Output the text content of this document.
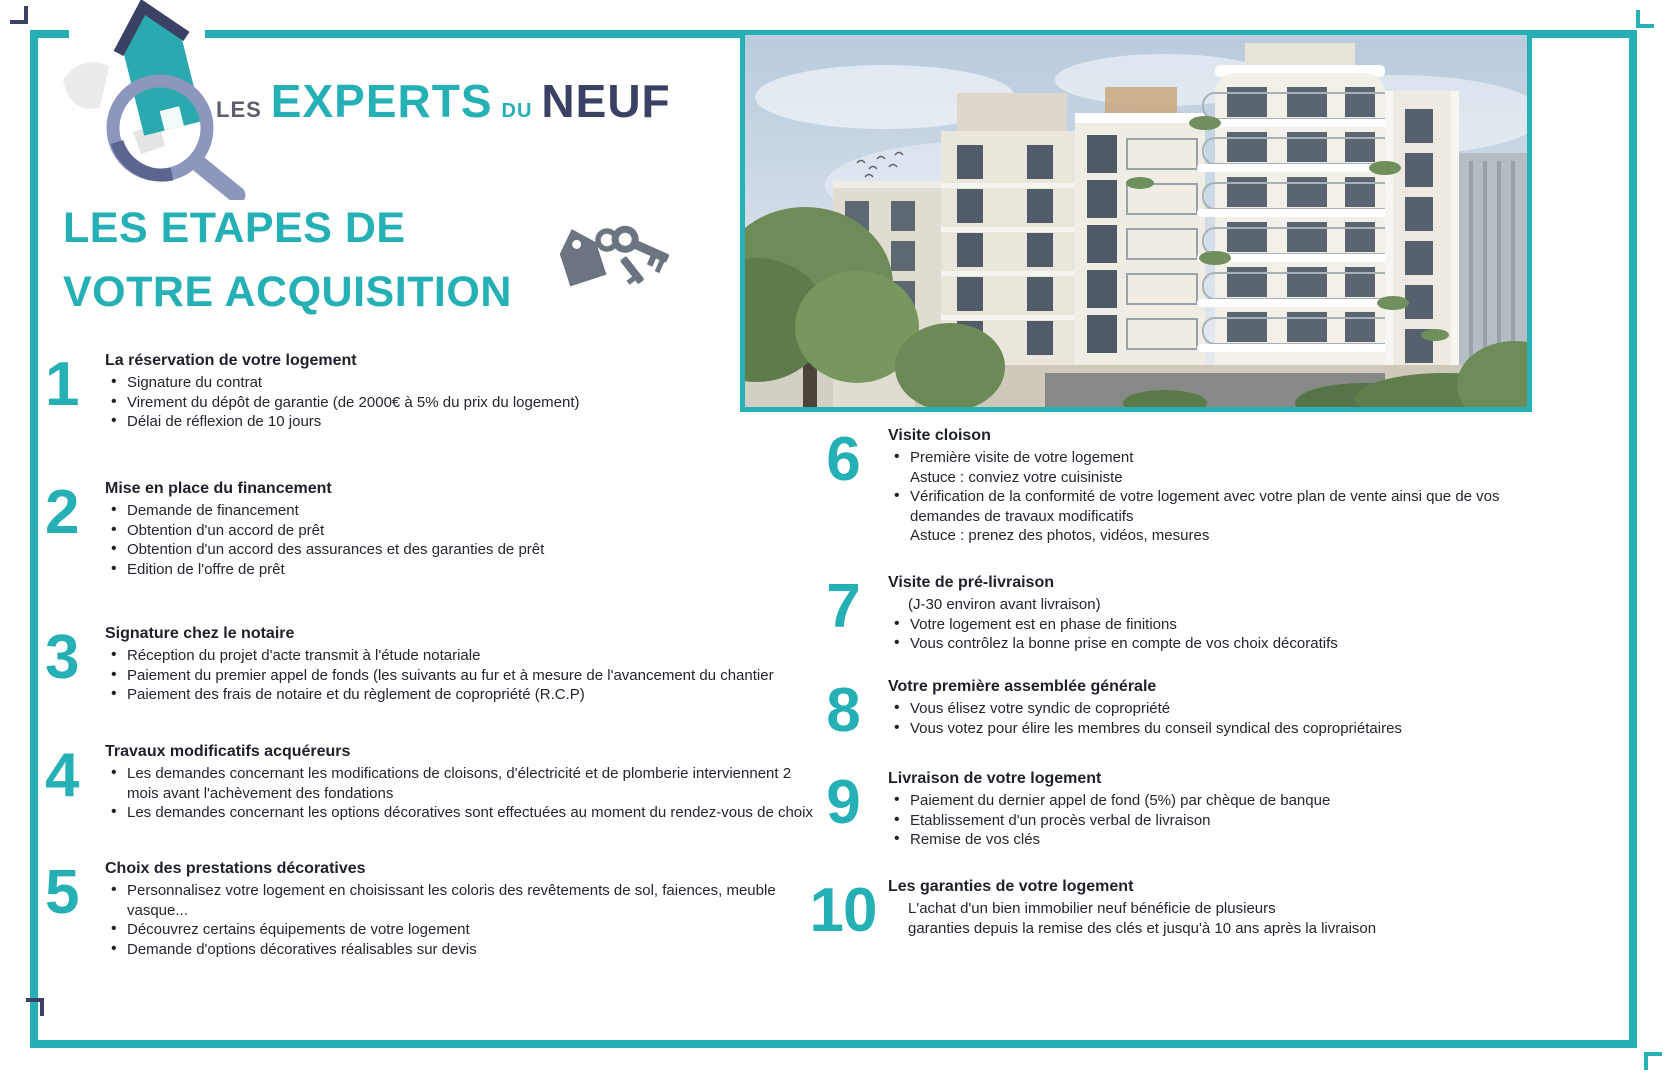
LES EXPERTS DU NEUF
LES ETAPES DE
VOTRE ACQUISITION
1	La réservation de votre logement
• Signature du contrat
• Virement du dépôt de garantie (de 2000€ à 5% du prix du logement)
• Délai de réflexion de 10 jours
2	Mise en place du financement
• Demande de financement
• Obtention d'un accord de prêt
• Obtention d'un accord des assurances et des garanties de prêt
• Edition de l'offre de prêt
3	Signature chez le notaire
• Réception du projet d'acte transmit à l'étude notariale
• Paiement du premier appel de fonds (les suivants au fur et à mesure de l'avancement du chantier
• Paiement des frais de notaire et du règlement de copropriété (R.C.P)
4	Travaux modificatifs acquéreurs
• Les demandes concernant les modifications de cloisons, d'électricité et de plomberie interviennent 2 mois avant l'achèvement des fondations
• Les demandes concernant les options décoratives sont effectuées au moment du rendez-vous de choix
5	Choix des prestations décoratives
• Personnalisez votre logement en choisissant les coloris des revêtements de sol, faiences, meuble vasque...
• Découvrez certains équipements de votre logement
• Demande d'options décoratives réalisables sur devis
6	Visite cloison
• Première visite de votre logement
Astuce : conviez votre cuisiniste
• Vérification de la conformité de votre logement avec votre plan de vente ainsi que de vos demandes de travaux modificatifs
Astuce : prenez des photos, vidéos, mesures
7	Visite de pré-livraison
(J-30 environ avant livraison)
• Votre logement est en phase de finitions
• Vous contrôlez la bonne prise en compte de vos choix décoratifs
8	Votre première assemblée générale
• Vous élisez votre syndic de copropriété
• Vous votez pour élire les membres du conseil syndical des copropriétaires
9	Livraison de votre logement
• Paiement du dernier appel de fond (5%) par chèque de banque
• Etablissement d'un procès verbal de livraison
• Remise de vos clés
10 Les garanties de votre logement
L'achat d'un bien immobilier neuf bénéficie de plusieurs
garanties depuis la remise des clés et jusqu'à 10 ans après la livraison
